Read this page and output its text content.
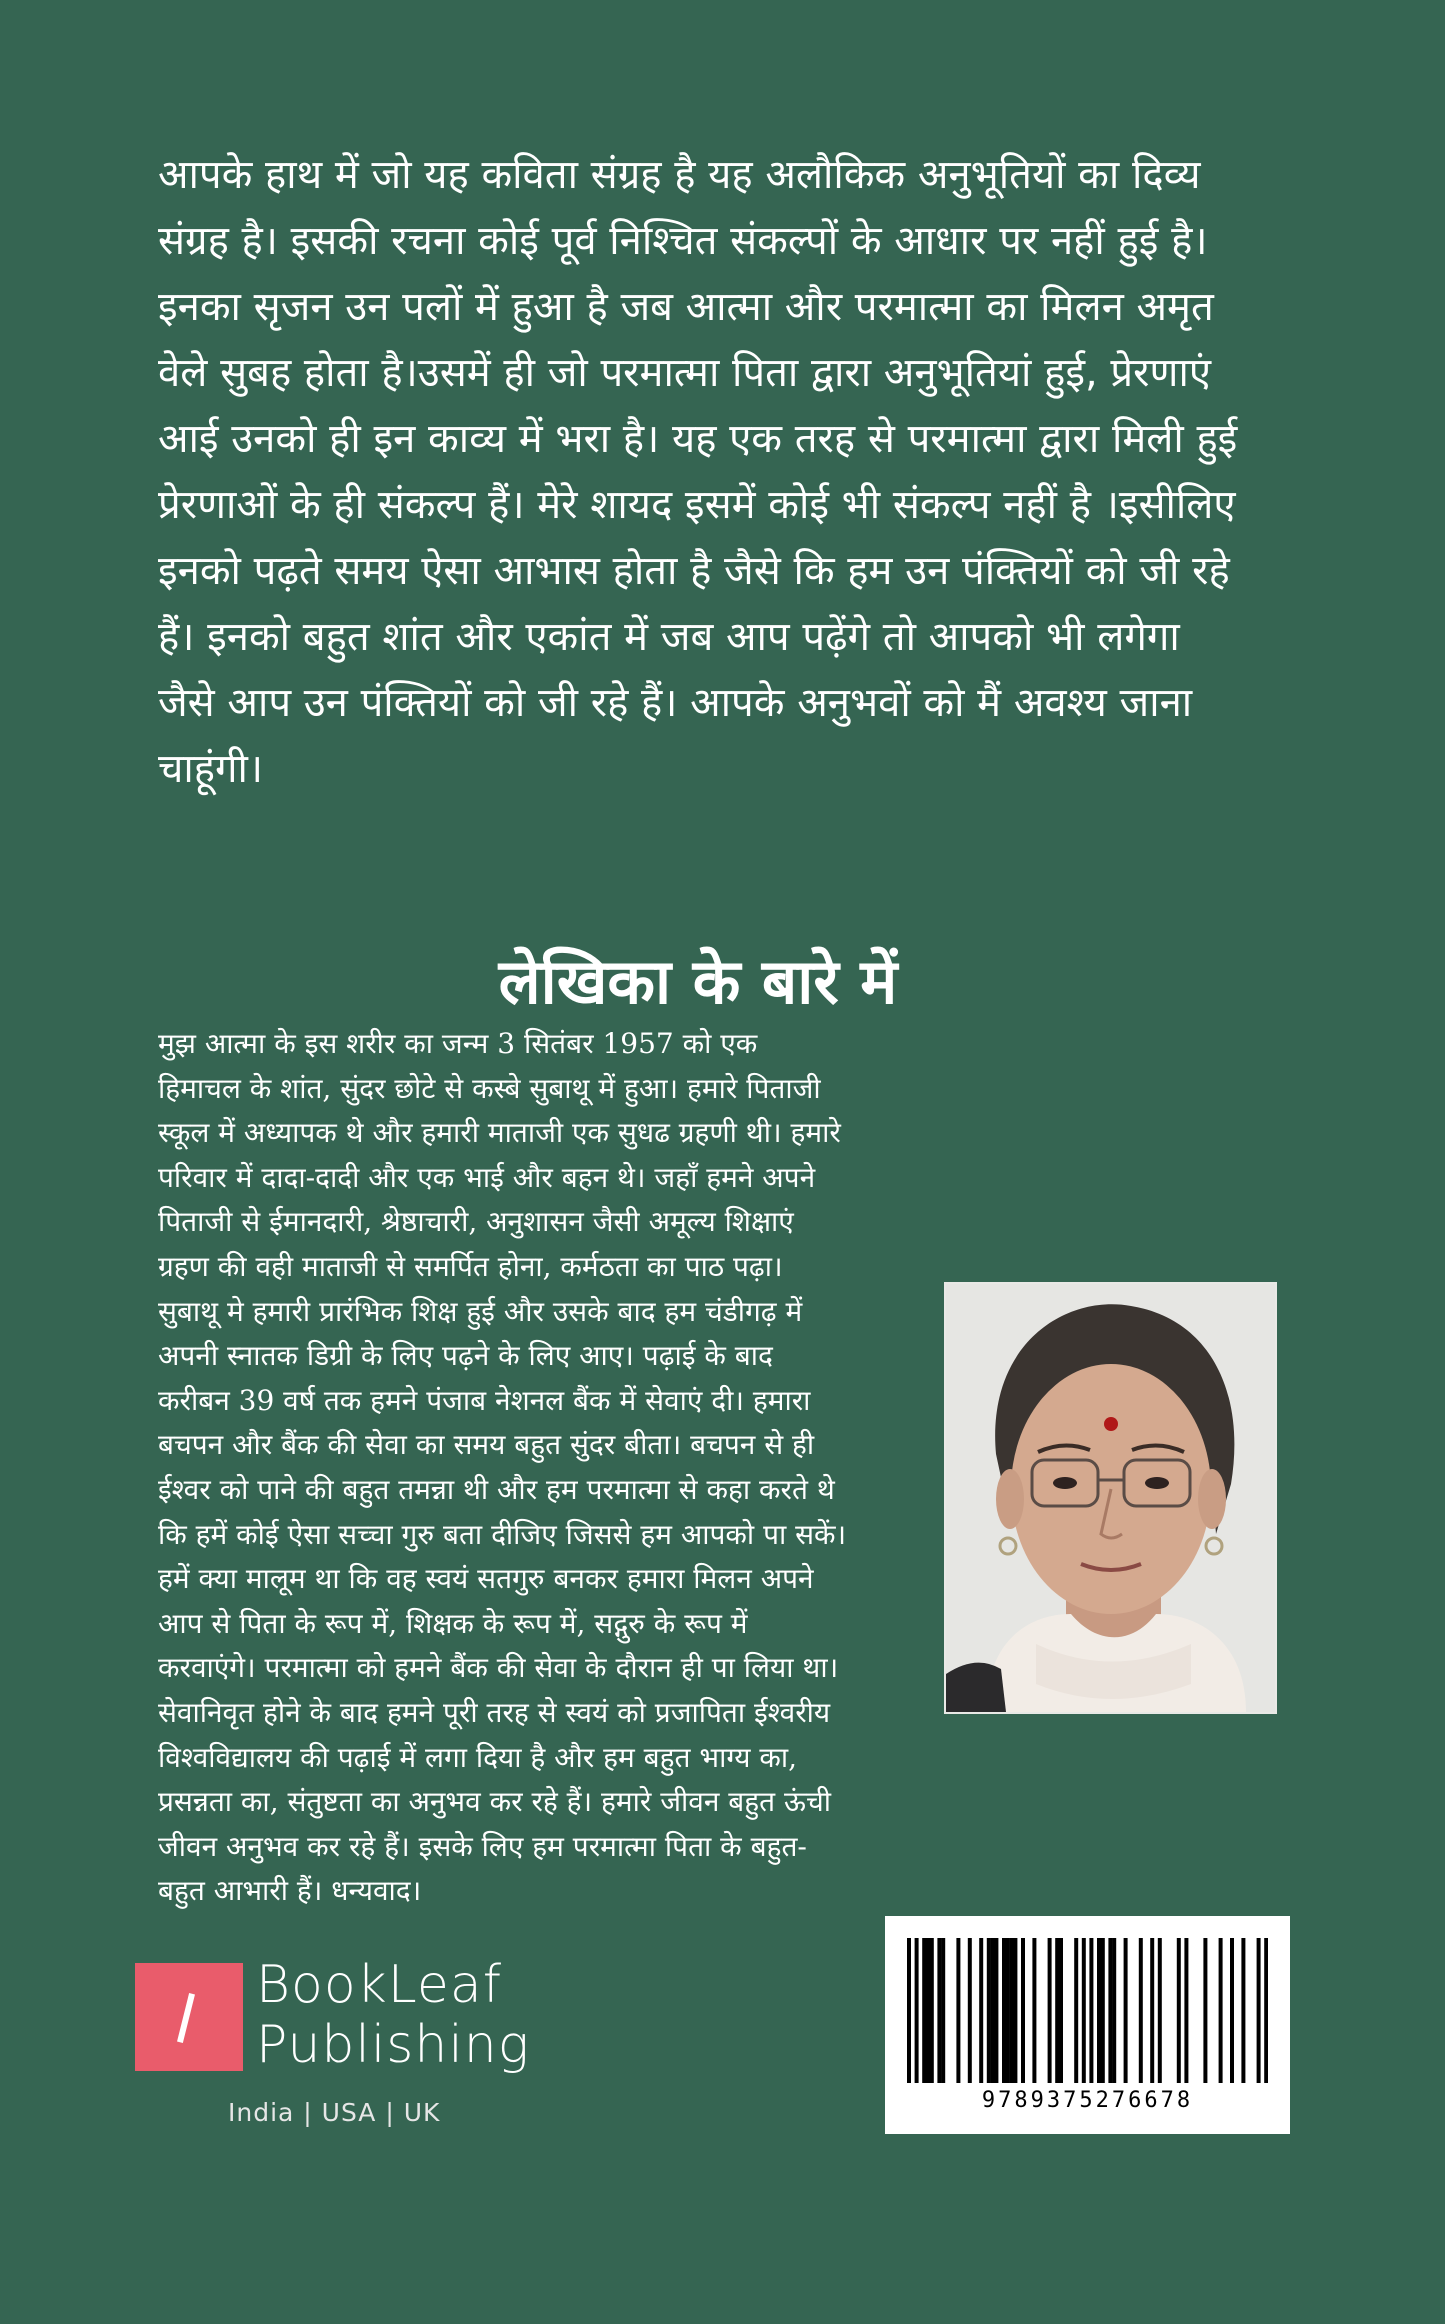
आपके हाथ में जो यह कविता संग्रह है यह अलौकिक अनुभूतियों का दिव्य संग्रह है। इसकी रचना कोई पूर्व निश्चित संकल्पों के आधार पर नहीं हुई है। इनका सृजन उन पलों में हुआ है जब आत्मा और परमात्मा का मिलन अमृत वेले सुबह होता है।उसमें ही जो परमात्मा पिता द्वारा अनुभूतियां हुई, प्रेरणाएं आई उनको ही इन काव्य में भरा है। यह एक तरह से परमात्मा द्वारा मिली हुई प्रेरणाओं के ही संकल्प हैं। मेरे शायद इसमें कोई भी संकल्प नहीं है ।इसीलिए इनको पढ़ते समय ऐसा आभास होता है जैसे कि हम उन पंक्तियों को जी रहे हैं। इनको बहुत शांत और एकांत में जब आप पढ़ेंगे तो आपको भी लगेगा जैसे आप उन पंक्तियों को जी रहे हैं। आपके अनुभवों को मैं अवश्य जाना चाहूंगी।

लेखिका के बारे में

मुझ आत्मा के इस शरीर का जन्म 3 सितंबर 1957 को एक हिमाचल के शांत, सुंदर छोटे से कस्बे सुबाथू में हुआ। हमारे पिताजी स्कूल में अध्यापक थे और हमारी माताजी एक सुधढ ग्रहणी थी। हमारे परिवार में दादा-दादी और एक भाई और बहन थे। जहाँ हमने अपने पिताजी से ईमानदारी, श्रेष्ठाचारी, अनुशासन जैसी अमूल्य शिक्षाएं ग्रहण की वही माताजी से समर्पित होना, कर्मठता का पाठ पढ़ा। सुबाथू मे हमारी प्रारंभिक शिक्ष हुई और उसके बाद हम चंडीगढ़ में अपनी स्नातक डिग्री के लिए पढ़ने के लिए आए। पढ़ाई के बाद करीबन 39 वर्ष तक हमने पंजाब नेशनल बैंक में सेवाएं दी। हमारा बचपन और बैंक की सेवा का समय बहुत सुंदर बीता। बचपन से ही ईश्वर को पाने की बहुत तमन्ना थी और हम परमात्मा से कहा करते थे कि हमें कोई ऐसा सच्चा गुरु बता दीजिए जिससे हम आपको पा सकें। हमें क्या मालूम था कि वह स्वयं सतगुरु बनकर हमारा मिलन अपने आप से पिता के रूप में, शिक्षक के रूप में, सद्गुरु के रूप में करवाएंगे। परमात्मा को हमने बैंक की सेवा के दौरान ही पा लिया था। सेवानिवृत होने के बाद हमने पूरी तरह से स्वयं को प्रजापिता ईश्वरीय विश्वविद्यालय की पढ़ाई में लगा दिया है और हम बहुत भाग्य का, प्रसन्नता का, संतुष्टता का अनुभव कर रहे हैं। हमारे जीवन बहुत ऊंची जीवन अनुभव कर रहे हैं। इसके लिए हम परमात्मा पिता के बहुत-बहुत आभारी हैं। धन्यवाद।

BookLeaf
Publishing
India | USA | UK	9789375276678
